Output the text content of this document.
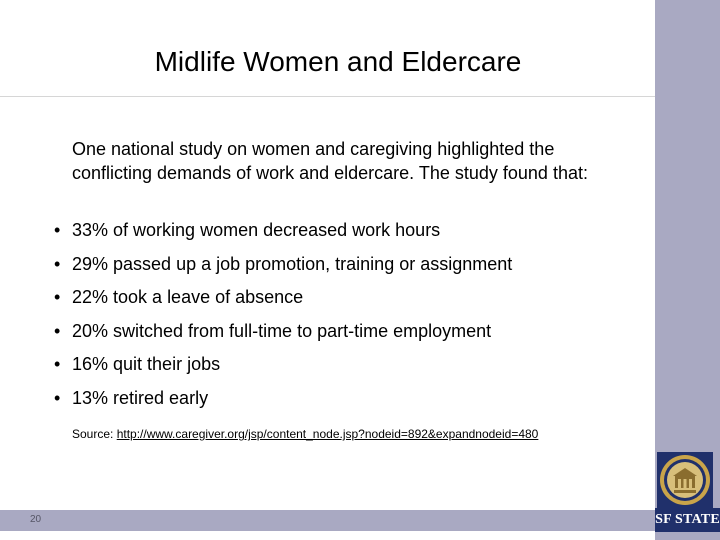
Midlife Women and Eldercare
One national study on women and caregiving highlighted the conflicting demands of work and eldercare. The study found that:
• 33% of working women decreased work hours
• 29% passed up a job promotion, training or assignment
• 22% took a leave of absence
• 20% switched from full-time to part-time employment
• 16% quit their jobs
• 13% retired early
Source: http://www.caregiver.org/jsp/content_node.jsp?nodeid=892&expandnodeid=480
20	SF STATE
